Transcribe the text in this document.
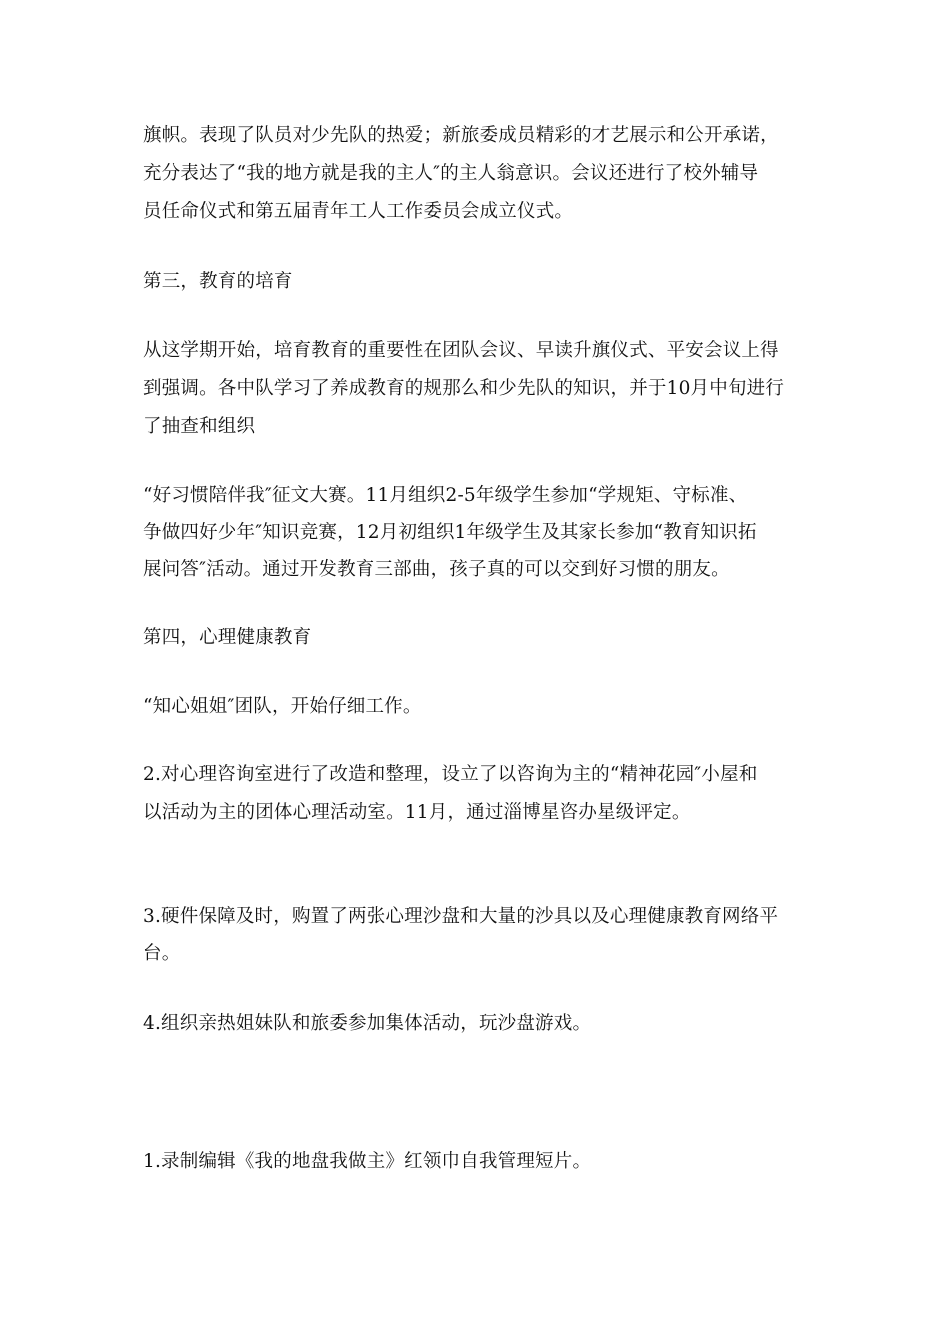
旗帜。表现了队员对少先队的热爱；新旅委成员精彩的才艺展示和公开承诺，
充分表达了“我的地方就是我的主人″的主人翁意识。会议还进行了校外辅导
员任命仪式和第五届青年工人工作委员会成立仪式。
第三，教育的培育
从这学期开始，培育教育的重要性在团队会议、早读升旗仪式、平安会议上得
到强调。各中队学习了养成教育的规那么和少先队的知识，并于10月中旬进行
了抽查和组织
“好习惯陪伴我″征文大赛。11月组织2-5年级学生参加“学规矩、守标准、
争做四好少年″知识竞赛，12月初组织1年级学生及其家长参加“教育知识拓
展问答″活动。通过开发教育三部曲，孩子真的可以交到好习惯的朋友。
第四，心理健康教育
“知心姐姐″团队，开始仔细工作。
2.对心理咨询室进行了改造和整理，设立了以咨询为主的“精神花园″小屋和
以活动为主的团体心理活动室。11月，通过淄博星咨办星级评定。
3.硬件保障及时，购置了两张心理沙盘和大量的沙具以及心理健康教育网络平
台。
4.组织亲热姐妹队和旅委参加集体活动，玩沙盘游戏。
1.录制编辑《我的地盘我做主》红领巾自我管理短片。
